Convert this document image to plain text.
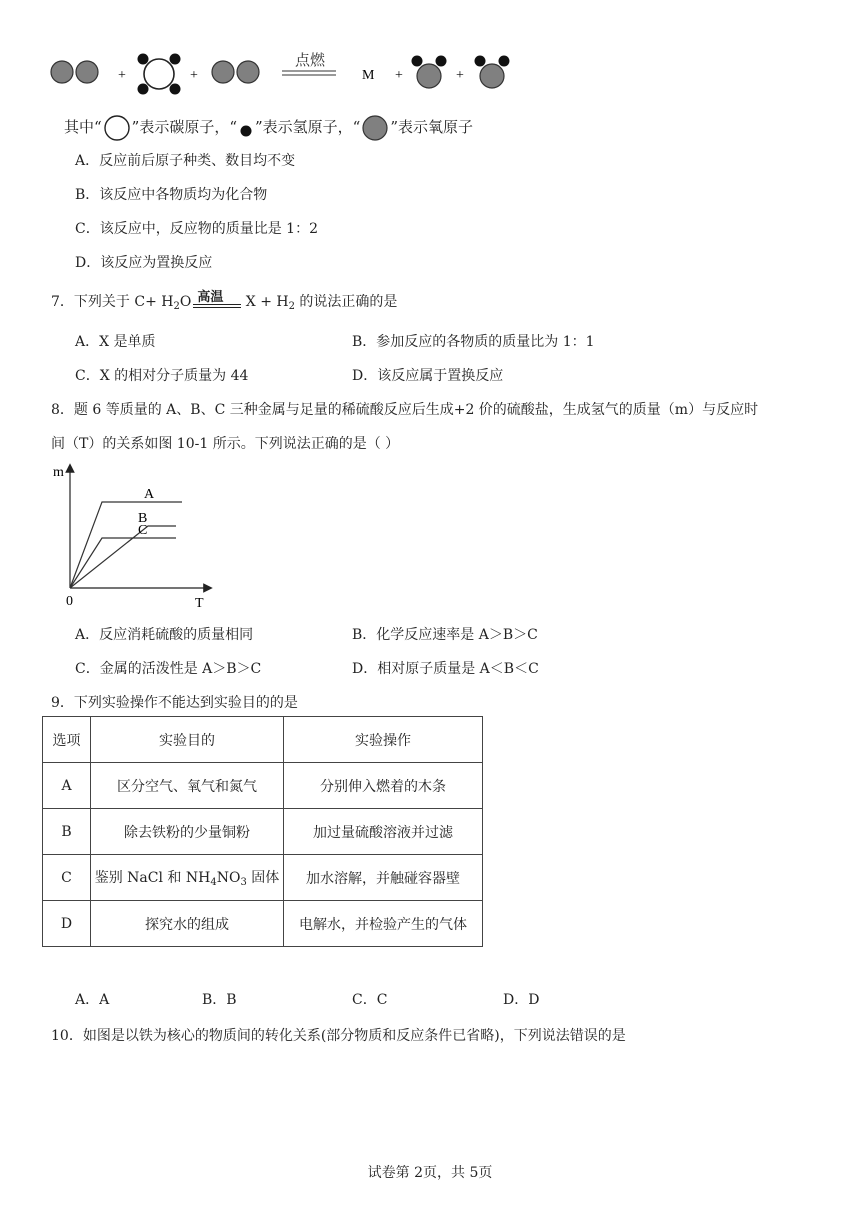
+	+
点燃
M +	+
其中“ ”表示碳原子，“ ”表示氢原子，“ ”表示氧原子
A．反应前后原子种类、数目均不变
B．该反应中各物质均为化合物
C．该反应中，反应物的质量比是 1：2
D．该反应为置换反应
7．下列关于 $C+ H_2O$ 高温 $X + H_2$ 的说法正确的是
A．X 是单质	B．参加反应的各物质的质量比为 1：1
C．X 的相对分子质量为 44	D．该反应属于置换反应
8．题 6 等质量的 A、B、C 三种金属与足量的稀硫酸反应后生成+2 价的硫酸盐，生成氢气的质量（m）与反应时
间（T）的关系如图 10-1 所示。下列说法正确的是（ ）
m
T
0
A
B
C
A．反应消耗硫酸的质量相同	B．化学反应速率是 A＞B＞C
C．金属的活泼性是 A＞B＞C	D．相对原子质量是 A＜B＜C
9．下列实验操作不能达到实验目的的是
选项	实验目的	实验操作
A	区分空气、氧气和氮气	分别伸入燃着的木条
B	除去铁粉的少量铜粉	加过量硫酸溶液并过滤
C	鉴别 NaCl 和 $NH_4NO_3$ 固体	加水溶解，并触碰容器壁
D	探究水的组成	电解水，并检验产生的气体
A．A	B．B	C．C	D．D
10．如图是以铁为核心的物质间的转化关系(部分物质和反应条件已省略)，下列说法错误的是
试卷第 2页，共 5页
